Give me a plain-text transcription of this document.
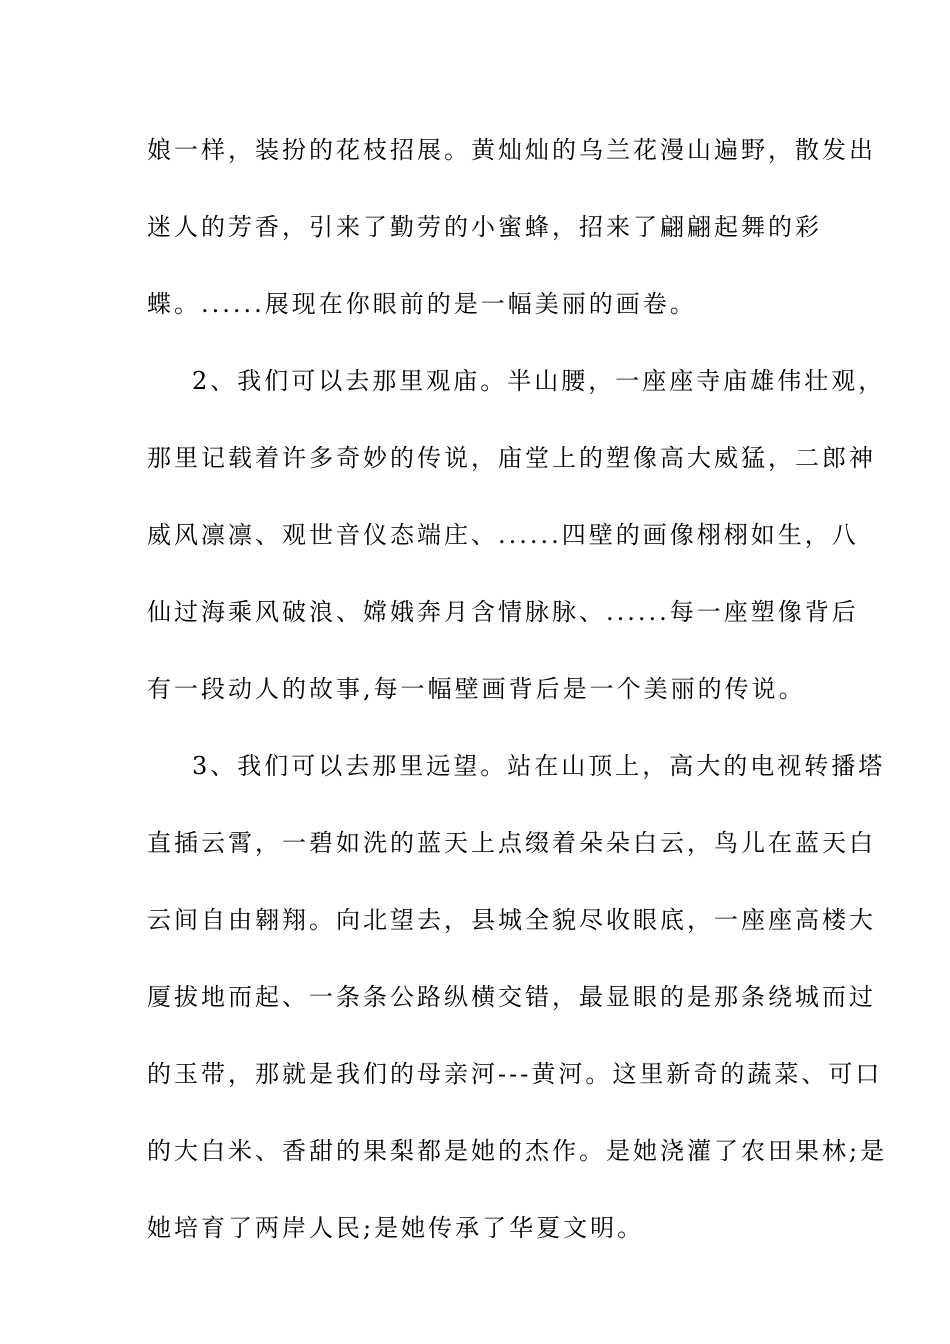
娘一样，装扮的花枝招展。黄灿灿的乌兰花漫山遍野，散发出
迷人的芳香，引来了勤劳的小蜜蜂，招来了翩翩起舞的彩
蝶。......展现在你眼前的是一幅美丽的画卷。
2、我们可以去那里观庙。半山腰，一座座寺庙雄伟壮观，
那里记载着许多奇妙的传说，庙堂上的塑像高大威猛，二郎神
威风凛凛、观世音仪态端庄、......四壁的画像栩栩如生，八
仙过海乘风破浪、嫦娥奔月含情脉脉、......每一座塑像背后
有一段动人的故事,每一幅壁画背后是一个美丽的传说。
3、我们可以去那里远望。站在山顶上，高大的电视转播塔
直插云霄，一碧如洗的蓝天上点缀着朵朵白云，鸟儿在蓝天白
云间自由翱翔。向北望去，县城全貌尽收眼底，一座座高楼大
厦拔地而起、一条条公路纵横交错，最显眼的是那条绕城而过
的玉带，那就是我们的母亲河---黄河。这里新奇的蔬菜、可口
的大白米、香甜的果梨都是她的杰作。是她浇灌了农田果林;是
她培育了两岸人民;是她传承了华夏文明。
